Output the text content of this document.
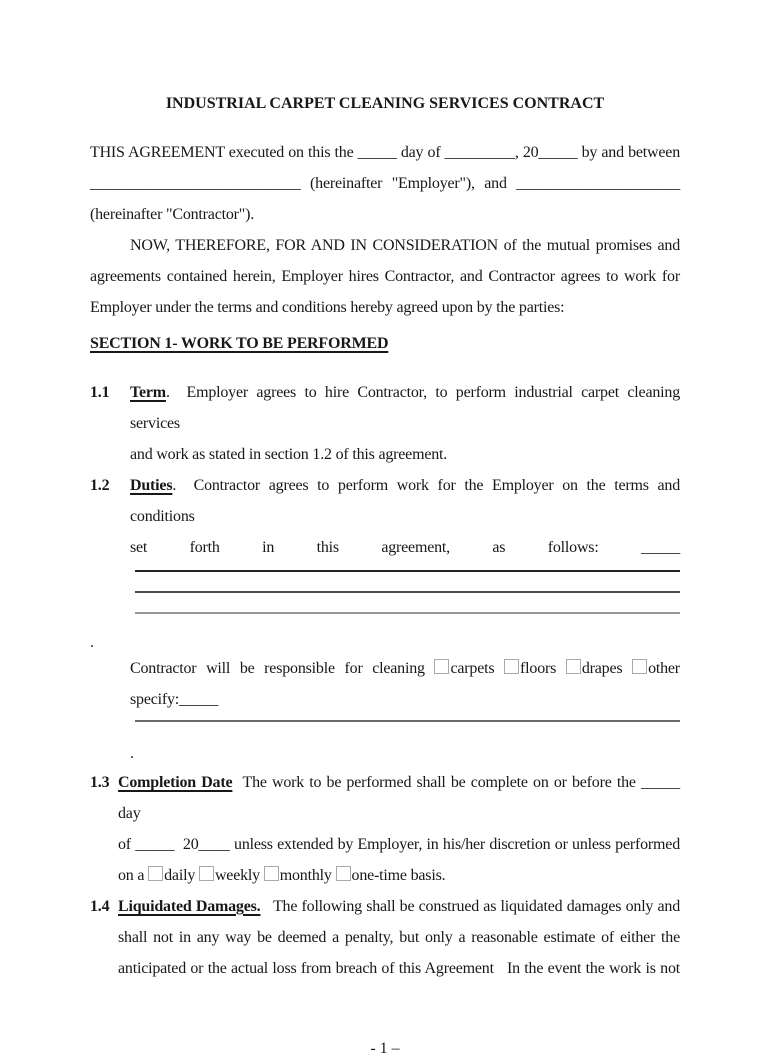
INDUSTRIAL CARPET CLEANING SERVICES CONTRACT
THIS AGREEMENT executed on this the _____ day of _________, 20_____ by and between
___________________________ (hereinafter "Employer"), and _____________________
(hereinafter "Contractor").
NOW, THEREFORE, FOR AND IN CONSIDERATION of the mutual promises and
agreements contained herein, Employer hires Contractor, and Contractor agrees to work for
Employer under the terms and conditions hereby agreed upon by the parties:
SECTION 1- WORK TO BE PERFORMED
1.1 Term.  Employer agrees to hire Contractor, to perform industrial carpet cleaning services
and work as stated in section 1.2 of this agreement.
1.2 Duties.  Contractor agrees to perform work for the Employer on the terms and conditions
set forth in this agreement, as follows: _____
.
Contractor will be responsible for cleaning carpets floors drapes other
specify:_____
.
1.3 Completion Date  The work to be performed shall be complete on or before the _____ day
of _____  20____ unless extended by Employer, in his/her discretion or unless performed
on a daily weekly monthly one-time basis.
1.4 Liquidated Damages.   The following shall be construed as liquidated damages only and
shall not in any way be deemed a penalty, but only a reasonable estimate of either the
anticipated or the actual loss from breach of this Agreement   In the event the work is not
- 1 –
